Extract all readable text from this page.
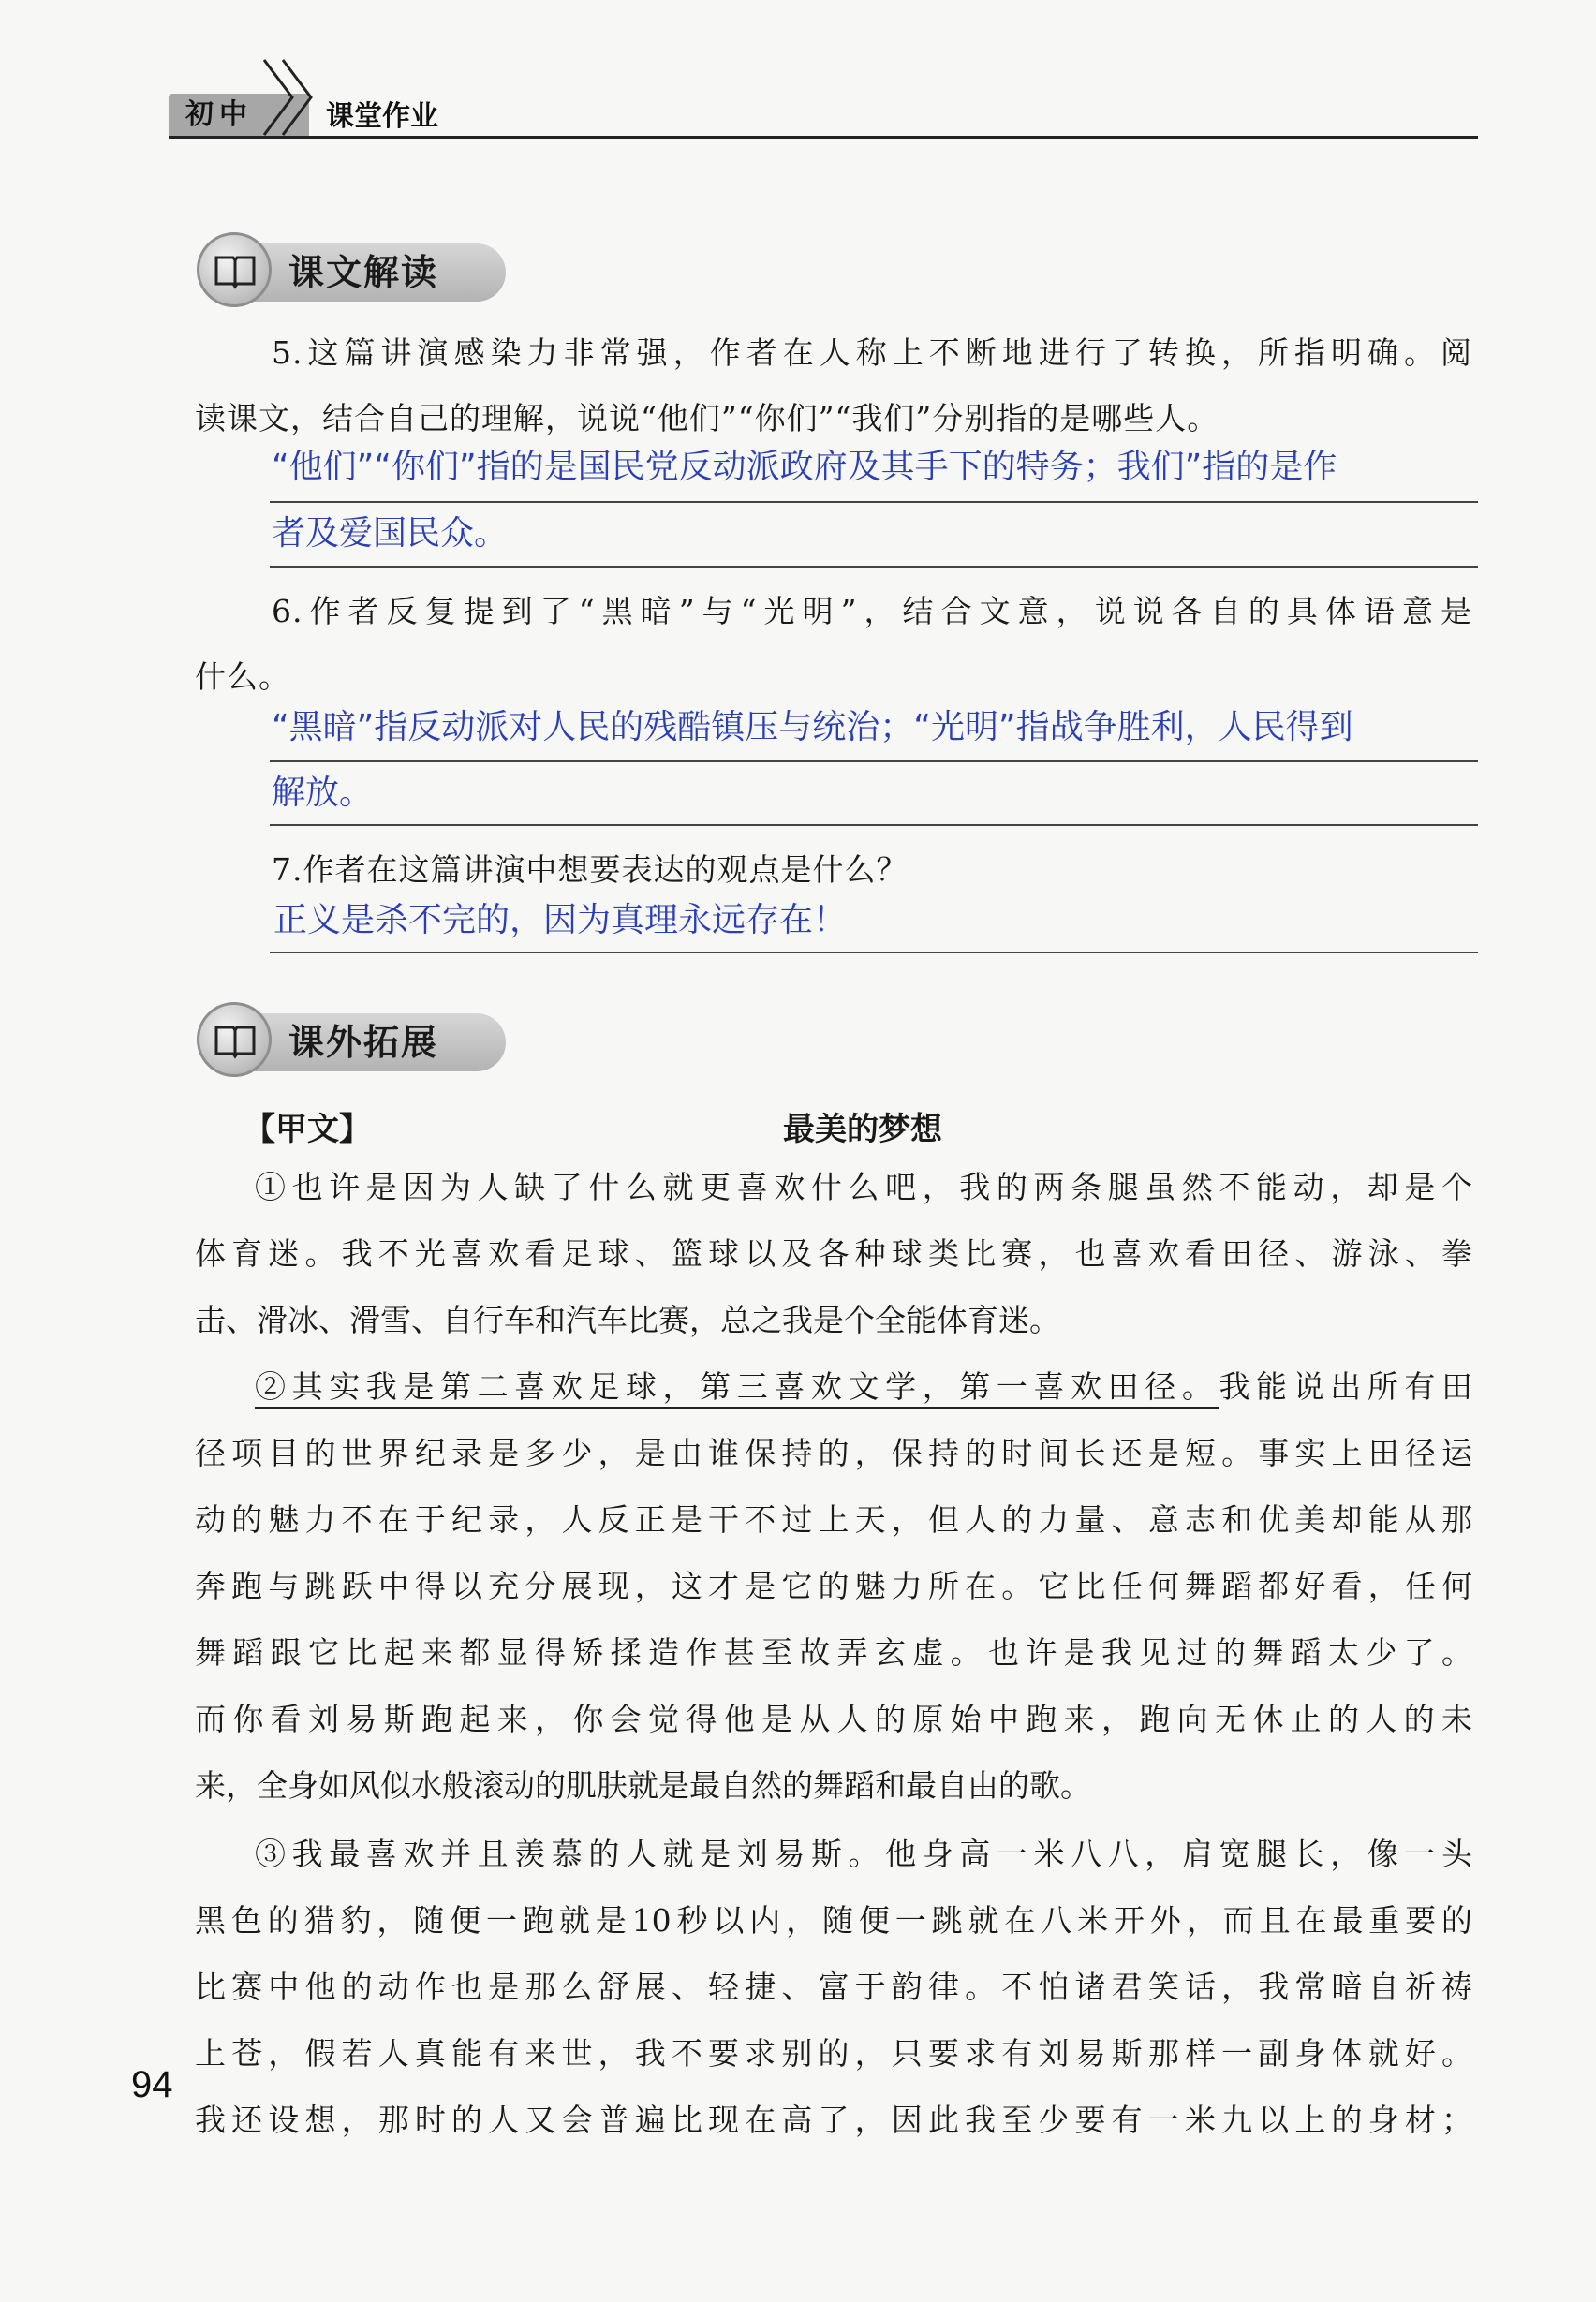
初中	课堂作业
课文解读
5.这篇讲演感染力非常强，作者在人称上不断地进行了转换，所指明确。阅
读课文，结合自己的理解，说说“他们”“你们”“我们”分别指的是哪些人。
“他们”“你们”指的是国民党反动派政府及其手下的特务；我们”指的是作
者及爱国民众。
6.作者反复提到了“黑暗”与“光明”，结合文意，说说各自的具体语意是
什么。
“黑暗”指反动派对人民的残酷镇压与统治；“光明”指战争胜利，人民得到
解放。
7.作者在这篇讲演中想要表达的观点是什么？
正义是杀不完的，因为真理永远存在！
课外拓展
【甲文】	最美的梦想
①也许是因为人缺了什么就更喜欢什么吧，我的两条腿虽然不能动，却是个
体育迷。我不光喜欢看足球、篮球以及各种球类比赛，也喜欢看田径、游泳、拳
击、滑冰、滑雪、自行车和汽车比赛，总之我是个全能体育迷。
②其实我是第二喜欢足球，第三喜欢文学，第一喜欢田径。我能说出所有田
径项目的世界纪录是多少，是由谁保持的，保持的时间长还是短。事实上田径运
动的魅力不在于纪录，人反正是干不过上天，但人的力量、意志和优美却能从那
奔跑与跳跃中得以充分展现，这才是它的魅力所在。它比任何舞蹈都好看，任何
舞蹈跟它比起来都显得矫揉造作甚至故弄玄虚。也许是我见过的舞蹈太少了。
而你看刘易斯跑起来，你会觉得他是从人的原始中跑来，跑向无休止的人的未
来，全身如风似水般滚动的肌肤就是最自然的舞蹈和最自由的歌。
③我最喜欢并且羡慕的人就是刘易斯。他身高一米八八，肩宽腿长，像一头
黑色的猎豹，随便一跑就是10秒以内，随便一跳就在八米开外，而且在最重要的
比赛中他的动作也是那么舒展、轻捷、富于韵律。不怕诸君笑话，我常暗自祈祷
上苍，假若人真能有来世，我不要求别的，只要求有刘易斯那样一副身体就好。
我还设想，那时的人又会普遍比现在高了，因此我至少要有一米九以上的身材；
94
